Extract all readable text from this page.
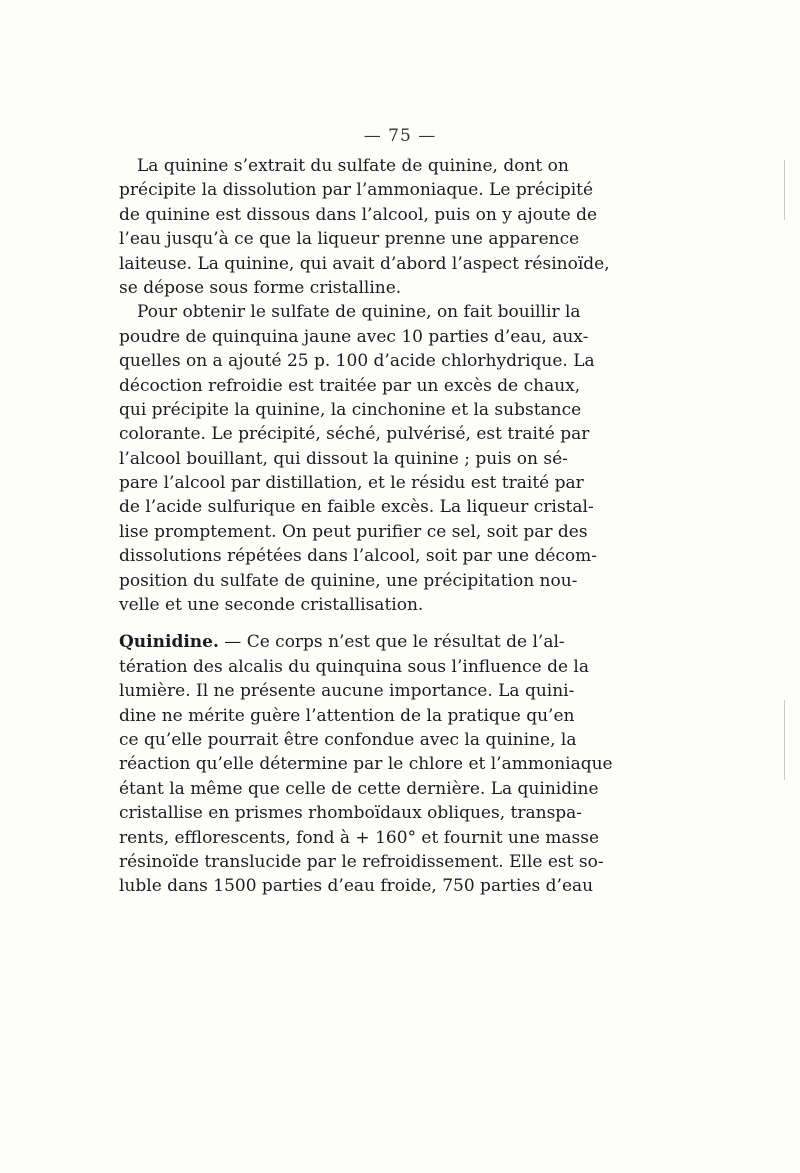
— 75 —
La quinine s’extrait du sulfate de quinine, dont on
précipite la dissolution par l’ammoniaque. Le précipité
de quinine est dissous dans l’alcool, puis on y ajoute de
l’eau jusqu’à ce que la liqueur prenne une apparence
laiteuse. La quinine, qui avait d’abord l’aspect résinoïde,
se dépose sous forme cristalline.
Pour obtenir le sulfate de quinine, on fait bouillir la
poudre de quinquina jaune avec 10 parties d’eau, aux-
quelles on a ajouté 25 p. 100 d’acide chlorhydrique. La
décoction refroidie est traitée par un excès de chaux,
qui précipite la quinine, la cinchonine et la substance
colorante. Le précipité, séché, pulvérisé, est traité par
l’alcool bouillant, qui dissout la quinine ; puis on sé-
pare l’alcool par distillation, et le résidu est traité par
de l’acide sulfurique en faible excès. La liqueur cristal-
lise promptement. On peut purifier ce sel, soit par des
dissolutions répétées dans l’alcool, soit par une décom-
position du sulfate de quinine, une précipitation nou-
velle et une seconde cristallisation.
Quinidine. — Ce corps n’est que le résultat de l’al-
tération des alcalis du quinquina sous l’influence de la
lumière. Il ne présente aucune importance. La quini-
dine ne mérite guère l’attention de la pratique qu’en
ce qu’elle pourrait être confondue avec la quinine, la
réaction qu’elle détermine par le chlore et l’ammoniaque
étant la même que celle de cette dernière. La quinidine
cristallise en prismes rhomboïdaux obliques, transpa-
rents, efflorescents, fond à + 160° et fournit une masse
résinoïde translucide par le refroidissement. Elle est so-
luble dans 1500 parties d’eau froide, 750 parties d’eau
